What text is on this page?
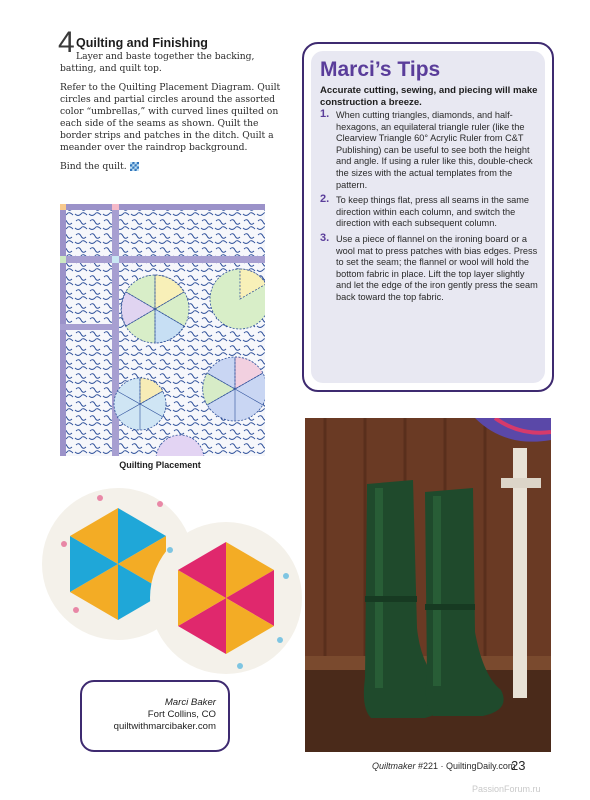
4 Quilting and Finishing

Layer and baste together the backing, batting, and quilt top.

Refer to the Quilting Placement Diagram. Quilt circles and partial circles around the assorted color “umbrellas,” with curved lines quilted on each side of the seams as shown. Quilt the border strips and patches in the ditch. Quilt a meander over the raindrop background.

Bind the quilt.

Marci’s Tips
Accurate cutting, sewing, and piecing will make construction a breeze.
1. When cutting triangles, diamonds, and half-hexagons, an equilateral triangle ruler (like the Clearview Triangle 60° Acrylic Ruler from C&T Publishing) can be useful to see both the height and angle. If using a ruler like this, double-check the sizes with the actual templates from the pattern.
2. To keep things flat, press all seams in the same direction within each column, and switch the direction with each subsequent column.
3. Use a piece of flannel on the ironing board or a wool mat to press patches with bias edges. Press to set the seam; the flannel or wool will hold the bottom fabric in place. Lift the top layer slightly and let the edge of the iron gently press the seam back toward the top fabric.
Quilting Placement
Marci Baker
Fort Collins, CO
quiltwithmarcibaker.com
Quiltmaker #221 · QuiltingDaily.com
23
PassionForum.ru
